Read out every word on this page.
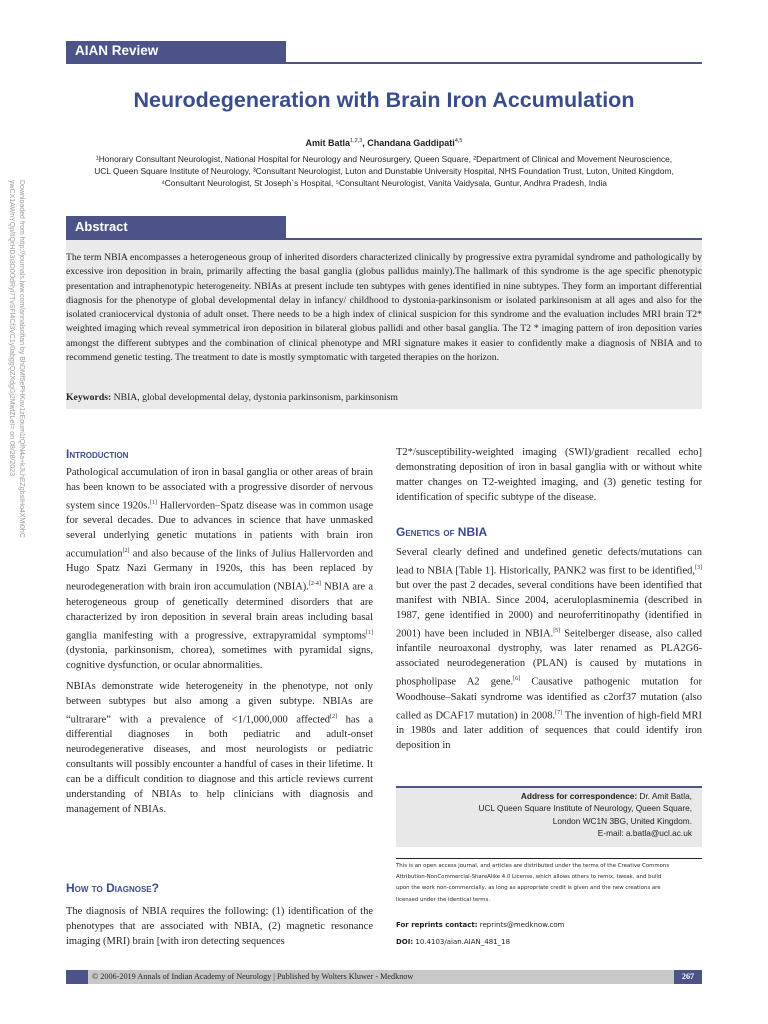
AIAN Review
Neurodegeneration with Brain Iron Accumulation
Amit Batla$^{1,2,3}$, Chandana Gaddipati$^{4,5}$
¹Honorary Consultant Neurologist, National Hospital for Neurology and Neurosurgery, Queen Square, ²Department of Clinical and Movement Neuroscience,
UCL Queen Square Institute of Neurology, ³Consultant Neurologist, Luton and Dunstable University Hospital, NHS Foundation Trust, Luton, United Kingdom,
⁴Consultant Neurologist, St Joseph`s Hospital, ⁵Consultant Neurologist, Vanita Vaidysala, Guntur, Andhra Pradesh, India
Downloaded from http://journals.lww.com/annalsofian by BhDMf5ePHKav1zEoum1tQfN4a+kJLhEZgbsIHo4XMi0hC
ywCX1AWnYQp/IlQrHD3i3D0OdRyi7TvSFl4Cf3VC1y0abggQZXdgGj2MwlZLeI= on 08/28/2023	Abstract
The term NBIA encompasses a heterogeneous group of inherited disorders characterized clinically by progressive extra pyramidal syndrome and pathologically by excessive iron deposition in brain, primarily affecting the basal ganglia (globus pallidus mainly).The hallmark of this syndrome is the age specific phenotypic presentation and intraphenotypic heterogeneity. NBIAs at present include ten subtypes with genes identified in nine subtypes. They form an important differential diagnosis for the phenotype of global developmental delay in infancy/ childhood to dystonia-parkinsonism or isolated parkinsonism at all ages and also for the isolated craniocervical dystonia of adult onset. There needs to be a high index of clinical suspicion for this syndrome and the evaluation includes MRI brain T2* weighted imaging which reveal symmetrical iron deposition in bilateral globus pallidi and other basal ganglia. The T2 * imaging pattern of iron deposition varies amongst the different subtypes and the combination of clinical phenotype and MRI signature makes it easier to confidently make a diagnosis of NBIA and to recommend genetic testing. The treatment to date is mostly symptomatic with targeted therapies on the horizon.
Keywords: NBIA, global developmental delay, dystonia parkinsonism, parkinsonism
Introduction

Pathological accumulation of iron in basal ganglia or other areas of brain has been known to be associated with a progressive disorder of nervous system since 1920s.[1] Hallervorden–Spatz disease was in common usage for several decades. Due to advances in science that have unmasked several underlying genetic mutations in patients with brain iron accumulation[2] and also because of the links of Julius Hallervorden and Hugo Spatz Nazi Germany in 1920s, this has been replaced by neurodegeneration with brain iron accumulation (NBIA).[2-4] NBIA are a heterogeneous group of genetically determined disorders that are characterized by iron deposition in several brain areas including basal ganglia manifesting with a progressive, extrapyramidal symptoms[1] (dystonia, parkinsonism, chorea), sometimes with pyramidal signs, cognitive dysfunction, or ocular abnormalities.

NBIAs demonstrate wide heterogeneity in the phenotype, not only between subtypes but also among a given subtype. NBIAs are “ultrarare” with a prevalence of <1/1,000,000 affected[2] has a differential diagnoses in both pediatric and adult-onset neurodegenerative diseases, and most neurologists or pediatric consultants will possibly encounter a handful of cases in their lifetime. It can be a difficult condition to diagnose and this article reviews current understanding of NBIAs to help clinicians with diagnosis and management of NBIAs.

How to Diagnose?
The diagnosis of NBIA requires the following: (1) identification of the phenotypes that are associated with NBIA, (2) magnetic resonance imaging (MRI) brain [with iron detecting sequences
T2*/susceptibility-weighted imaging (SWI)/gradient recalled echo] demonstrating deposition of iron in basal ganglia with or without white matter changes on T2-weighted imaging, and (3) genetic testing for identification of specific subtype of the disease.
Genetics of NBIA
Several clearly defined and undefined genetic defects/mutations can lead to NBIA [Table 1]. Historically, PANK2 was first to be identified,[3] but over the past 2 decades, several conditions have been identified that manifest with NBIA. Since 2004, aceruloplasminemia (described in 1987, gene identified in 2000) and neuroferritinopathy (identified in 2001) have been included in NBIA.[5] Seitelberger disease, also called infantile neuroaxonal dystrophy, was later renamed as PLA2G6-associated neurodegeneration (PLAN) is caused by mutations in phospholipase A2 gene.[6] Causative pathogenic mutation for Woodhouse–Sakati syndrome was identified as c2orf37 mutation (also called as DCAF17 mutation) in 2008.[7] The invention of high-field MRI in 1980s and later addition of sequences that could identify iron deposition in
Address for correspondence: Dr. Amit Batla,
UCL Queen Square Institute of Neurology, Queen Square,
London WC1N 3BG, United Kingdom.
E-mail: a.batla@ucl.ac.uk
This is an open access journal, and articles are distributed under the terms of the Creative Commons
Attribution-NonCommercial-ShareAlike 4.0 License, which allows others to remix, tweak, and build
upon the work non-commercially, as long as appropriate credit is given and the new creations are
licensed under the identical terms.
For reprints contact: reprints@medknow.com
DOI: 10.4103/aian.AIAN_481_18
© 2006-2019 Annals of Indian Academy of Neurology | Published by Wolters Kluwer - Medknow	267
